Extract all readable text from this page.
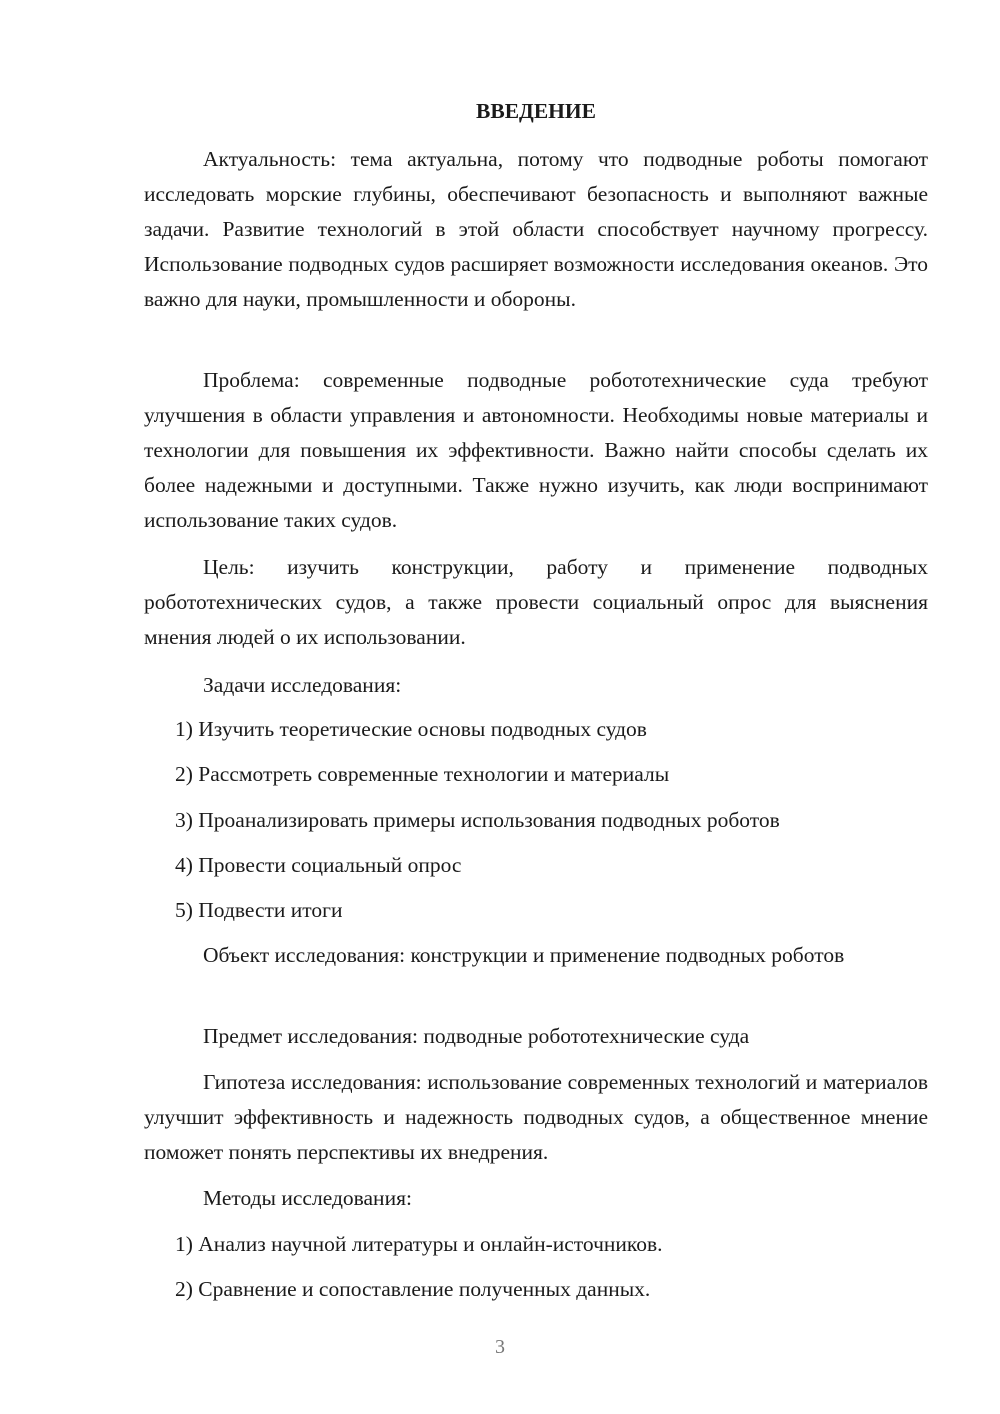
ВВЕДЕНИЕ

Актуальность: тема актуальна, потому что подводные роботы помогают исследовать морские глубины, обеспечивают безопасность и выполняют важные задачи. Развитие технологий в этой области способствует научному прогрессу. Использование подводных судов расширяет возможности исследования океанов. Это важно для науки, промышленности и обороны.

Проблема: современные подводные робототехнические суда требуют улучшения в области управления и автономности. Необходимы новые материалы и технологии для повышения их эффективности. Важно найти способы сделать их более надежными и доступными. Также нужно изучить, как люди воспринимают использование таких судов.

Цель: изучить конструкции, работу и применение подводных робототехнических судов, а также провести социальный опрос для выяснения мнения людей о их использовании.

Задачи исследования:

1) Изучить теоретические основы подводных судов

2) Рассмотреть современные технологии и материалы

3) Проанализировать примеры использования подводных роботов

4) Провести социальный опрос

5) Подвести итоги

Объект исследования: конструкции и применение подводных роботов

Предмет исследования: подводные робототехнические суда

Гипотеза исследования: использование современных технологий и материалов улучшит эффективность и надежность подводных судов, а общественное мнение поможет понять перспективы их внедрения.

Методы исследования:

1) Анализ научной литературы и онлайн-источников.

2) Сравнение и сопоставление полученных данных.

3
